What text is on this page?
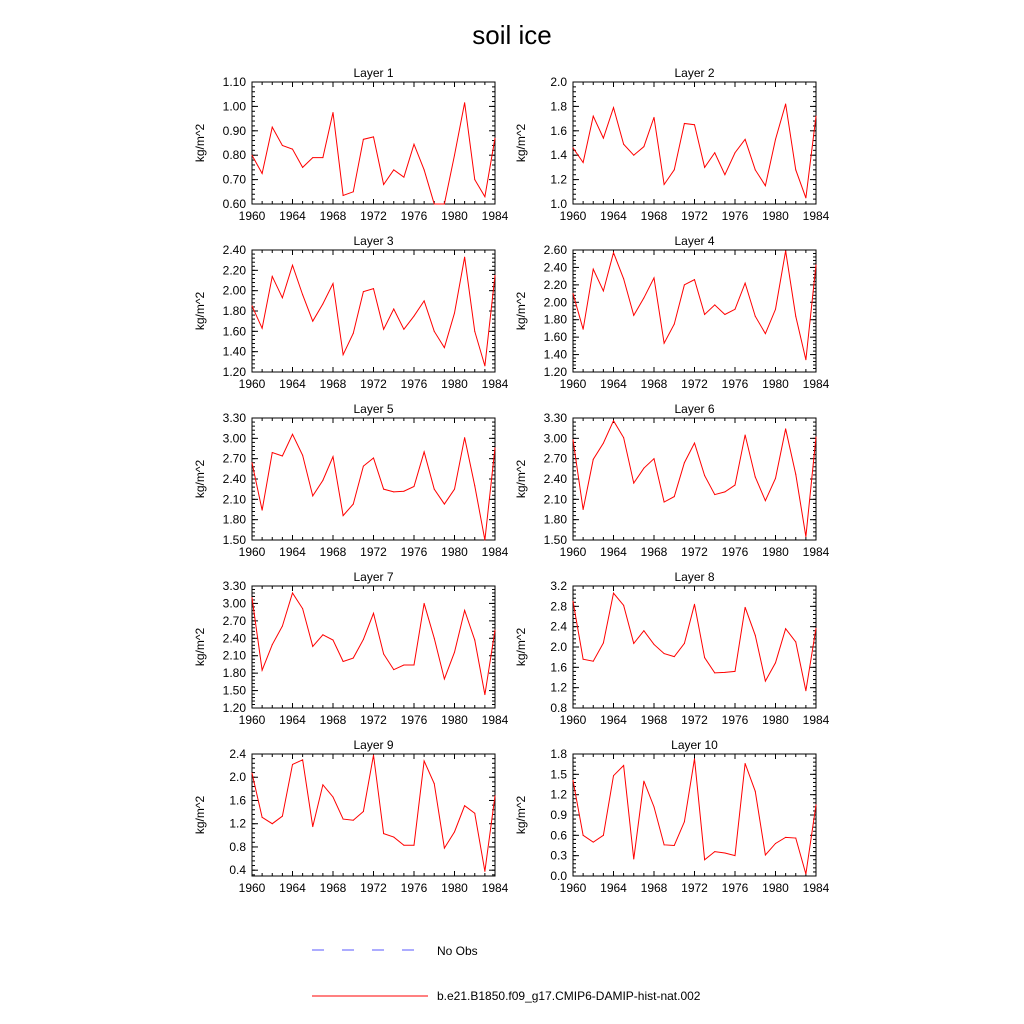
soil ice
Layer 1
kg/m^2
1960 1964 1968 1972 1976 1980 1984
0.60
0.70
0.80
0.90
1.00
1.10
Layer 2
kg/m^2
1960 1964 1968 1972 1976 1980 1984
1.0
1.2
1.4
1.6
1.8
2.0
Layer 3
kg/m^2
1960 1964 1968 1972 1976 1980 1984
1.20
1.40
1.60
1.80
2.00
2.20
2.40
Layer 4
kg/m^2
1960 1964 1968 1972 1976 1980 1984
1.20
1.40
1.60
1.80
2.00
2.20
2.40
2.60
Layer 5
kg/m^2
1960 1964 1968 1972 1976 1980 1984
1.50
1.80
2.10
2.40
2.70
3.00
3.30
Layer 6
kg/m^2
1960 1964 1968 1972 1976 1980 1984
1.50
1.80
2.10
2.40
2.70
3.00
3.30
Layer 7
kg/m^2
1960 1964 1968 1972 1976 1980 1984
1.20
1.50
1.80
2.10
2.40
2.70
3.00
3.30
Layer 8
kg/m^2
1960 1964 1968 1972 1976 1980 1984
0.8
1.2
1.6
2.0
2.4
2.8
3.2
Layer 9
kg/m^2
1960 1964 1968 1972 1976 1980 1984
0.4
0.8
1.2
1.6
2.0
2.4
Layer 10
kg/m^2
1960 1964 1968 1972 1976 1980 1984
0.0
0.3
0.6
0.9
1.2
1.5
1.8
No Obs
b.e21.B1850.f09_g17.CMIP6-DAMIP-hist-nat.002
